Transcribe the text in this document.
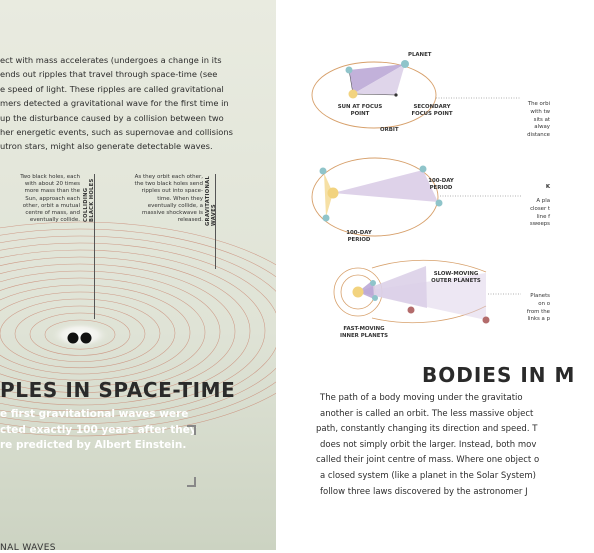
ect with mass accelerates (undergoes a change in its
ends out ripples that travel through space-time (see
e speed of light. These ripples are called gravitational
mers detected a gravitational wave for the first time in
up the disturbance caused by a collision between two
her energetic events, such as supernovae and collisions
utron stars, might also generate detectable waves.

Two black holes, each with about 20 times more mass than the Sun, approach each other, orbit a mutual centre of mass, and eventually collide. COLLIDING BLACK HOLES
As they orbit each other, the two black holes send ripples out into space-time. When they eventually collide, a massive shockwave is released. GRAVITATIONAL WAVES
PLES IN SPACE-TIME
e first gravitational waves were
cted exactly 100 years after they
re predicted by Albert Einstein.
NAL WAVES
PLANET
SUN AT FOCUS POINT
SECONDARY FOCUS POINT
ORBIT
100-DAY PERIOD
100-DAY PERIOD
SLOW-MOVING OUTER PLANETS
FAST-MOVING INNER PLANETS
The orbi
with tw
sits at
alway
distance
K
A pla
closer t
line f
sweeps
Planets
on o
from the
links a p
BODIES IN M
The path of a body moving under the gravitatio
another is called an orbit. The less massive object
path, constantly changing its direction and speed. T
does not simply orbit the larger. Instead, both mov
called their joint centre of mass. Where one object o
a closed system (like a planet in the Solar System)
follow three laws discovered by the astronomer J
